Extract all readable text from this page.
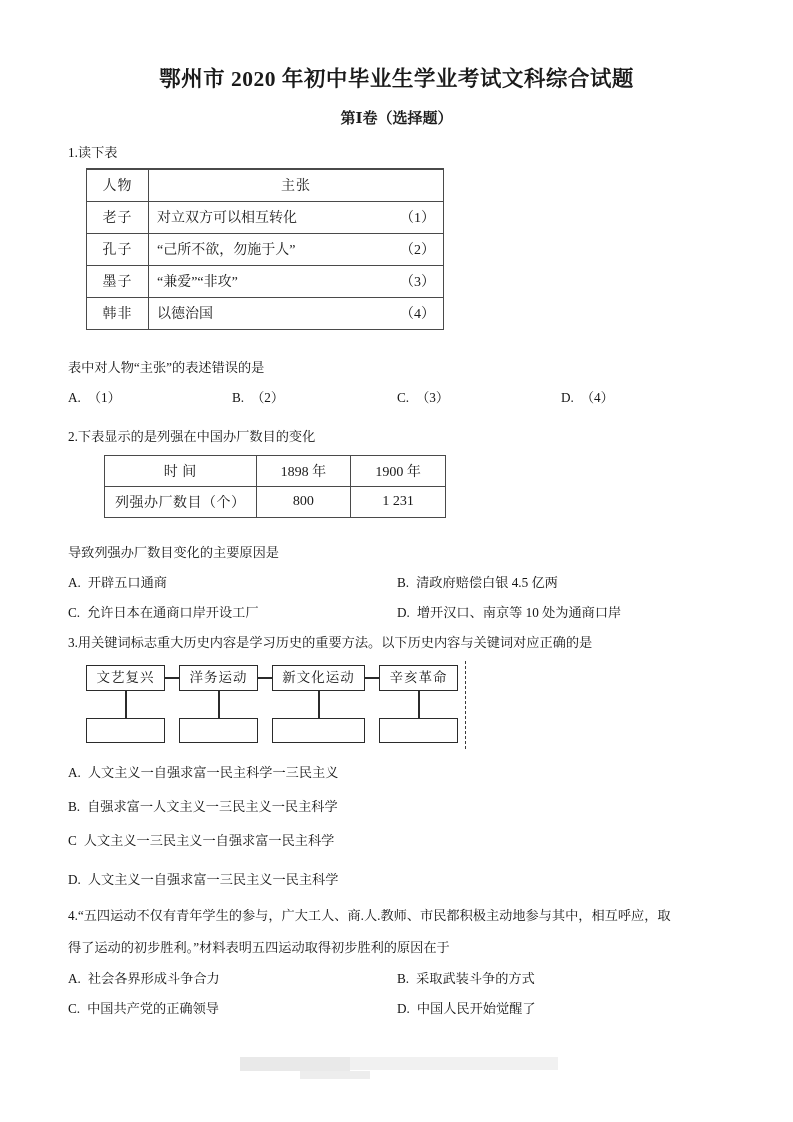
鄂州市 2020 年初中毕业生学业考试文科综合试题
第Ⅰ卷（选择题）
1.读下表
人物	主张
老子	对立双方可以相互转化 （1）

孔子	“己所不欲，勿施于人” （2）

墨子	“兼爱”“非攻” （3）

韩非	以德治国 （4）
表中对人物“主张”的表述错误的是
A. （1）	B. （2）	C. （3）	D. （4）
2.下表显示的是列强在中国办厂数目的变化
时 间	1898 年	1900 年
列强办厂数目（个）	800	1 231
导致列强办厂数目变化的主要原因是
A. 开辟五口通商	B. 清政府赔偿白银 4.5 亿两
C. 允许日本在通商口岸开设工厂	D. 增开汉口、南京等 10 处为通商口岸
3.用关键词标志重大历史内容是学习历史的重要方法。以下历史内容与关键词对应正确的是
文艺复兴	洋务运动	新文化运动	辛亥革命
A. 人文主义一自强求富一民主科学一三民主义
B. 自强求富一人文主义一三民主义一民主科学
C 人文主义一三民主义一自强求富一民主科学
D. 人文主义一自强求富一三民主义一民主科学
4.“五四运动不仅有青年学生的参与，广大工人、商.人.教师、市民都积极主动地参与其中，相互呼应，取
得了运动的初步胜利。”材料表明五四运动取得初步胜利的原因在于
A. 社会各界形成斗争合力	B. 采取武装斗争的方式
C. 中国共产党的正确领导	D. 中国人民开始觉醒了
